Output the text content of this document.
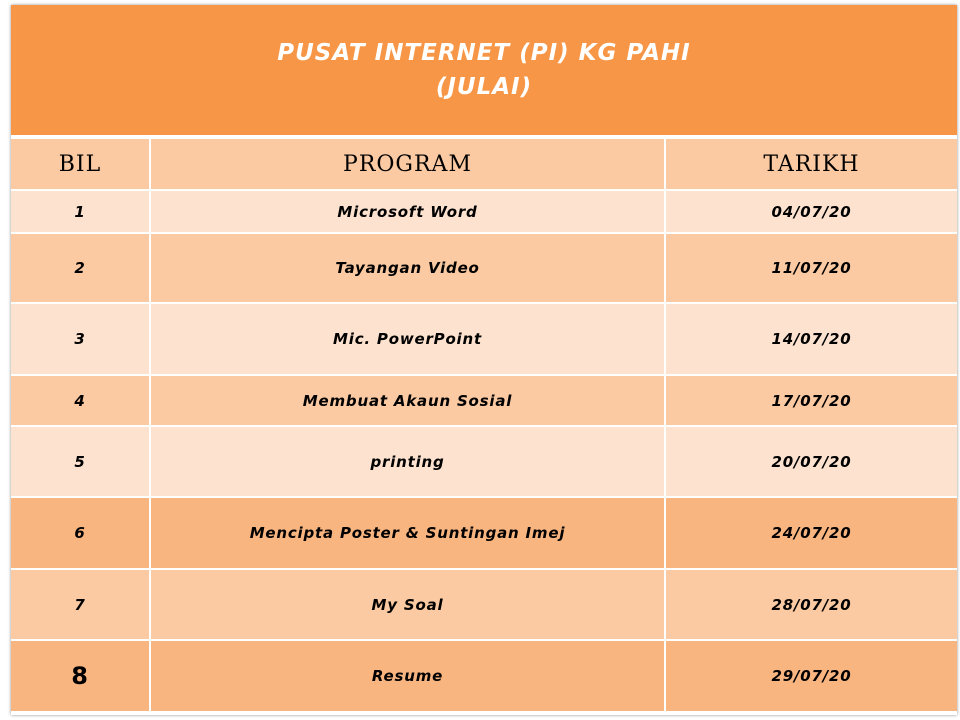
PUSAT INTERNET (PI) KG PAHI
(JULAI)
BIL	PROGRAM	TARIKH
1	Microsoft Word	04/07/20
2	Tayangan Video	11/07/20
3	Mic. PowerPoint	14/07/20
4	Membuat Akaun Sosial	17/07/20
5	printing	20/07/20
6	Mencipta Poster & Suntingan Imej	24/07/20
7	My Soal	28/07/20
8	Resume	29/07/20
